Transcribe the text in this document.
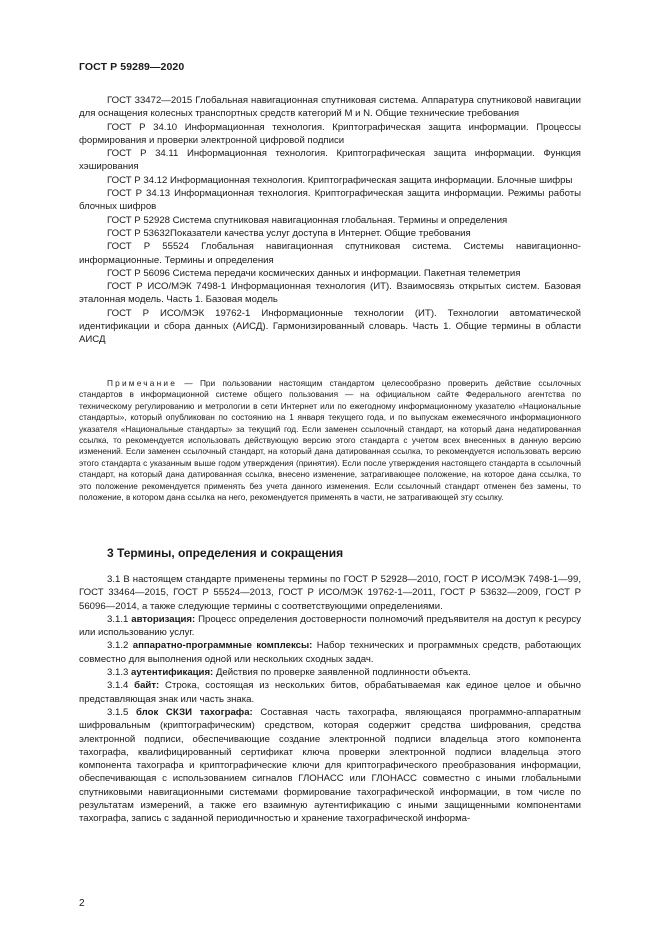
ГОСТ Р 59289—2020

ГОСТ 33472—2015 Глобальная навигационная спутниковая система. Аппаратура спутниковой навигации для оснащения колесных транспортных средств категорий M и N. Общие технические требования

ГОСТ Р 34.10 Информационная технология. Криптографическая защита информации. Процессы формирования и проверки электронной цифровой подписи

ГОСТ Р 34.11 Информационная технология. Криптографическая защита информации. Функция хэширования

ГОСТ Р 34.12 Информационная технология. Криптографическая защита информации. Блочные шифры

ГОСТ Р 34.13 Информационная технология. Криптографическая защита информации. Режимы работы блочных шифров

ГОСТ Р 52928 Система спутниковая навигационная глобальная. Термины и определения

ГОСТ Р 53632Показатели качества услуг доступа в Интернет. Общие требования

ГОСТ Р 55524 Глобальная навигационная спутниковая система. Системы навигационно-информационные. Термины и определения

ГОСТ Р 56096 Система передачи космических данных и информации. Пакетная телеметрия

ГОСТ Р ИСО/МЭК 7498-1 Информационная технология (ИТ). Взаимосвязь открытых систем. Базовая эталонная модель. Часть 1. Базовая модель

ГОСТ Р ИСО/МЭК 19762-1 Информационные технологии (ИТ). Технологии автоматической идентификации и сбора данных (АИСД). Гармонизированный словарь. Часть 1. Общие термины в области АИСД

Примечание — При пользовании настоящим стандартом целесообразно проверить действие ссылочных стандартов в информационной системе общего пользования — на официальном сайте Федерального агентства по техническому регулированию и метрологии в сети Интернет или по ежегодному информационному указателю «Национальные стандарты», который опубликован по состоянию на 1 января текущего года, и по выпускам ежемесячного информационного указателя «Национальные стандарты» за текущий год. Если заменен ссылочный стандарт, на который дана недатированная ссылка, то рекомендуется использовать действующую версию этого стандарта с учетом всех внесенных в данную версию изменений. Если заменен ссылочный стандарт, на который дана датированная ссылка, то рекомендуется использовать версию этого стандарта с указанным выше годом утверждения (принятия). Если после утверждения настоящего стандарта в ссылочный стандарт, на который дана датированная ссылка, внесено изменение, затрагивающее положение, на которое дана ссылка, то это положение рекомендуется применять без учета данного изменения. Если ссылочный стандарт отменен без замены, то положение, в котором дана ссылка на него, рекомендуется применять в части, не затрагивающей эту ссылку.

3 Термины, определения и сокращения

3.1 В настоящем стандарте применены термины по ГОСТ Р 52928—2010, ГОСТ Р ИСО/МЭК 7498-1—99, ГОСТ 33464—2015, ГОСТ Р 55524—2013, ГОСТ Р ИСО/МЭК 19762-1—2011, ГОСТ Р 53632—2009, ГОСТ Р 56096—2014, а также следующие термины с соответствующими определениями.

3.1.1 авторизация: Процесс определения достоверности полномочий предъявителя на доступ к ресурсу или использованию услуг.

3.1.2 аппаратно-программные комплексы: Набор технических и программных средств, работающих совместно для выполнения одной или нескольких сходных задач.

3.1.3 аутентификация: Действия по проверке заявленной подлинности объекта.

3.1.4 байт: Строка, состоящая из нескольких битов, обрабатываемая как единое целое и обычно представляющая знак или часть знака.

3.1.5 блок СКЗИ тахографа: Составная часть тахографа, являющаяся программно-аппаратным шифровальным (криптографическим) средством, которая содержит средства шифрования, средства электронной подписи, обеспечивающие создание электронной подписи владельца этого компонента тахографа, квалифицированный сертификат ключа проверки электронной подписи владельца этого компонента тахографа и криптографические ключи для криптографического преобразования информации, обеспечивающая с использованием сигналов ГЛОНАСС или ГЛОНАСС совместно с иными глобальными спутниковыми навигационными системами формирование тахографической информации, в том числе по результатам измерений, а также его взаимную аутентификацию с иными защищенными компонентами тахографа, запись с заданной периодичностью и хранение тахографической информа-

2
